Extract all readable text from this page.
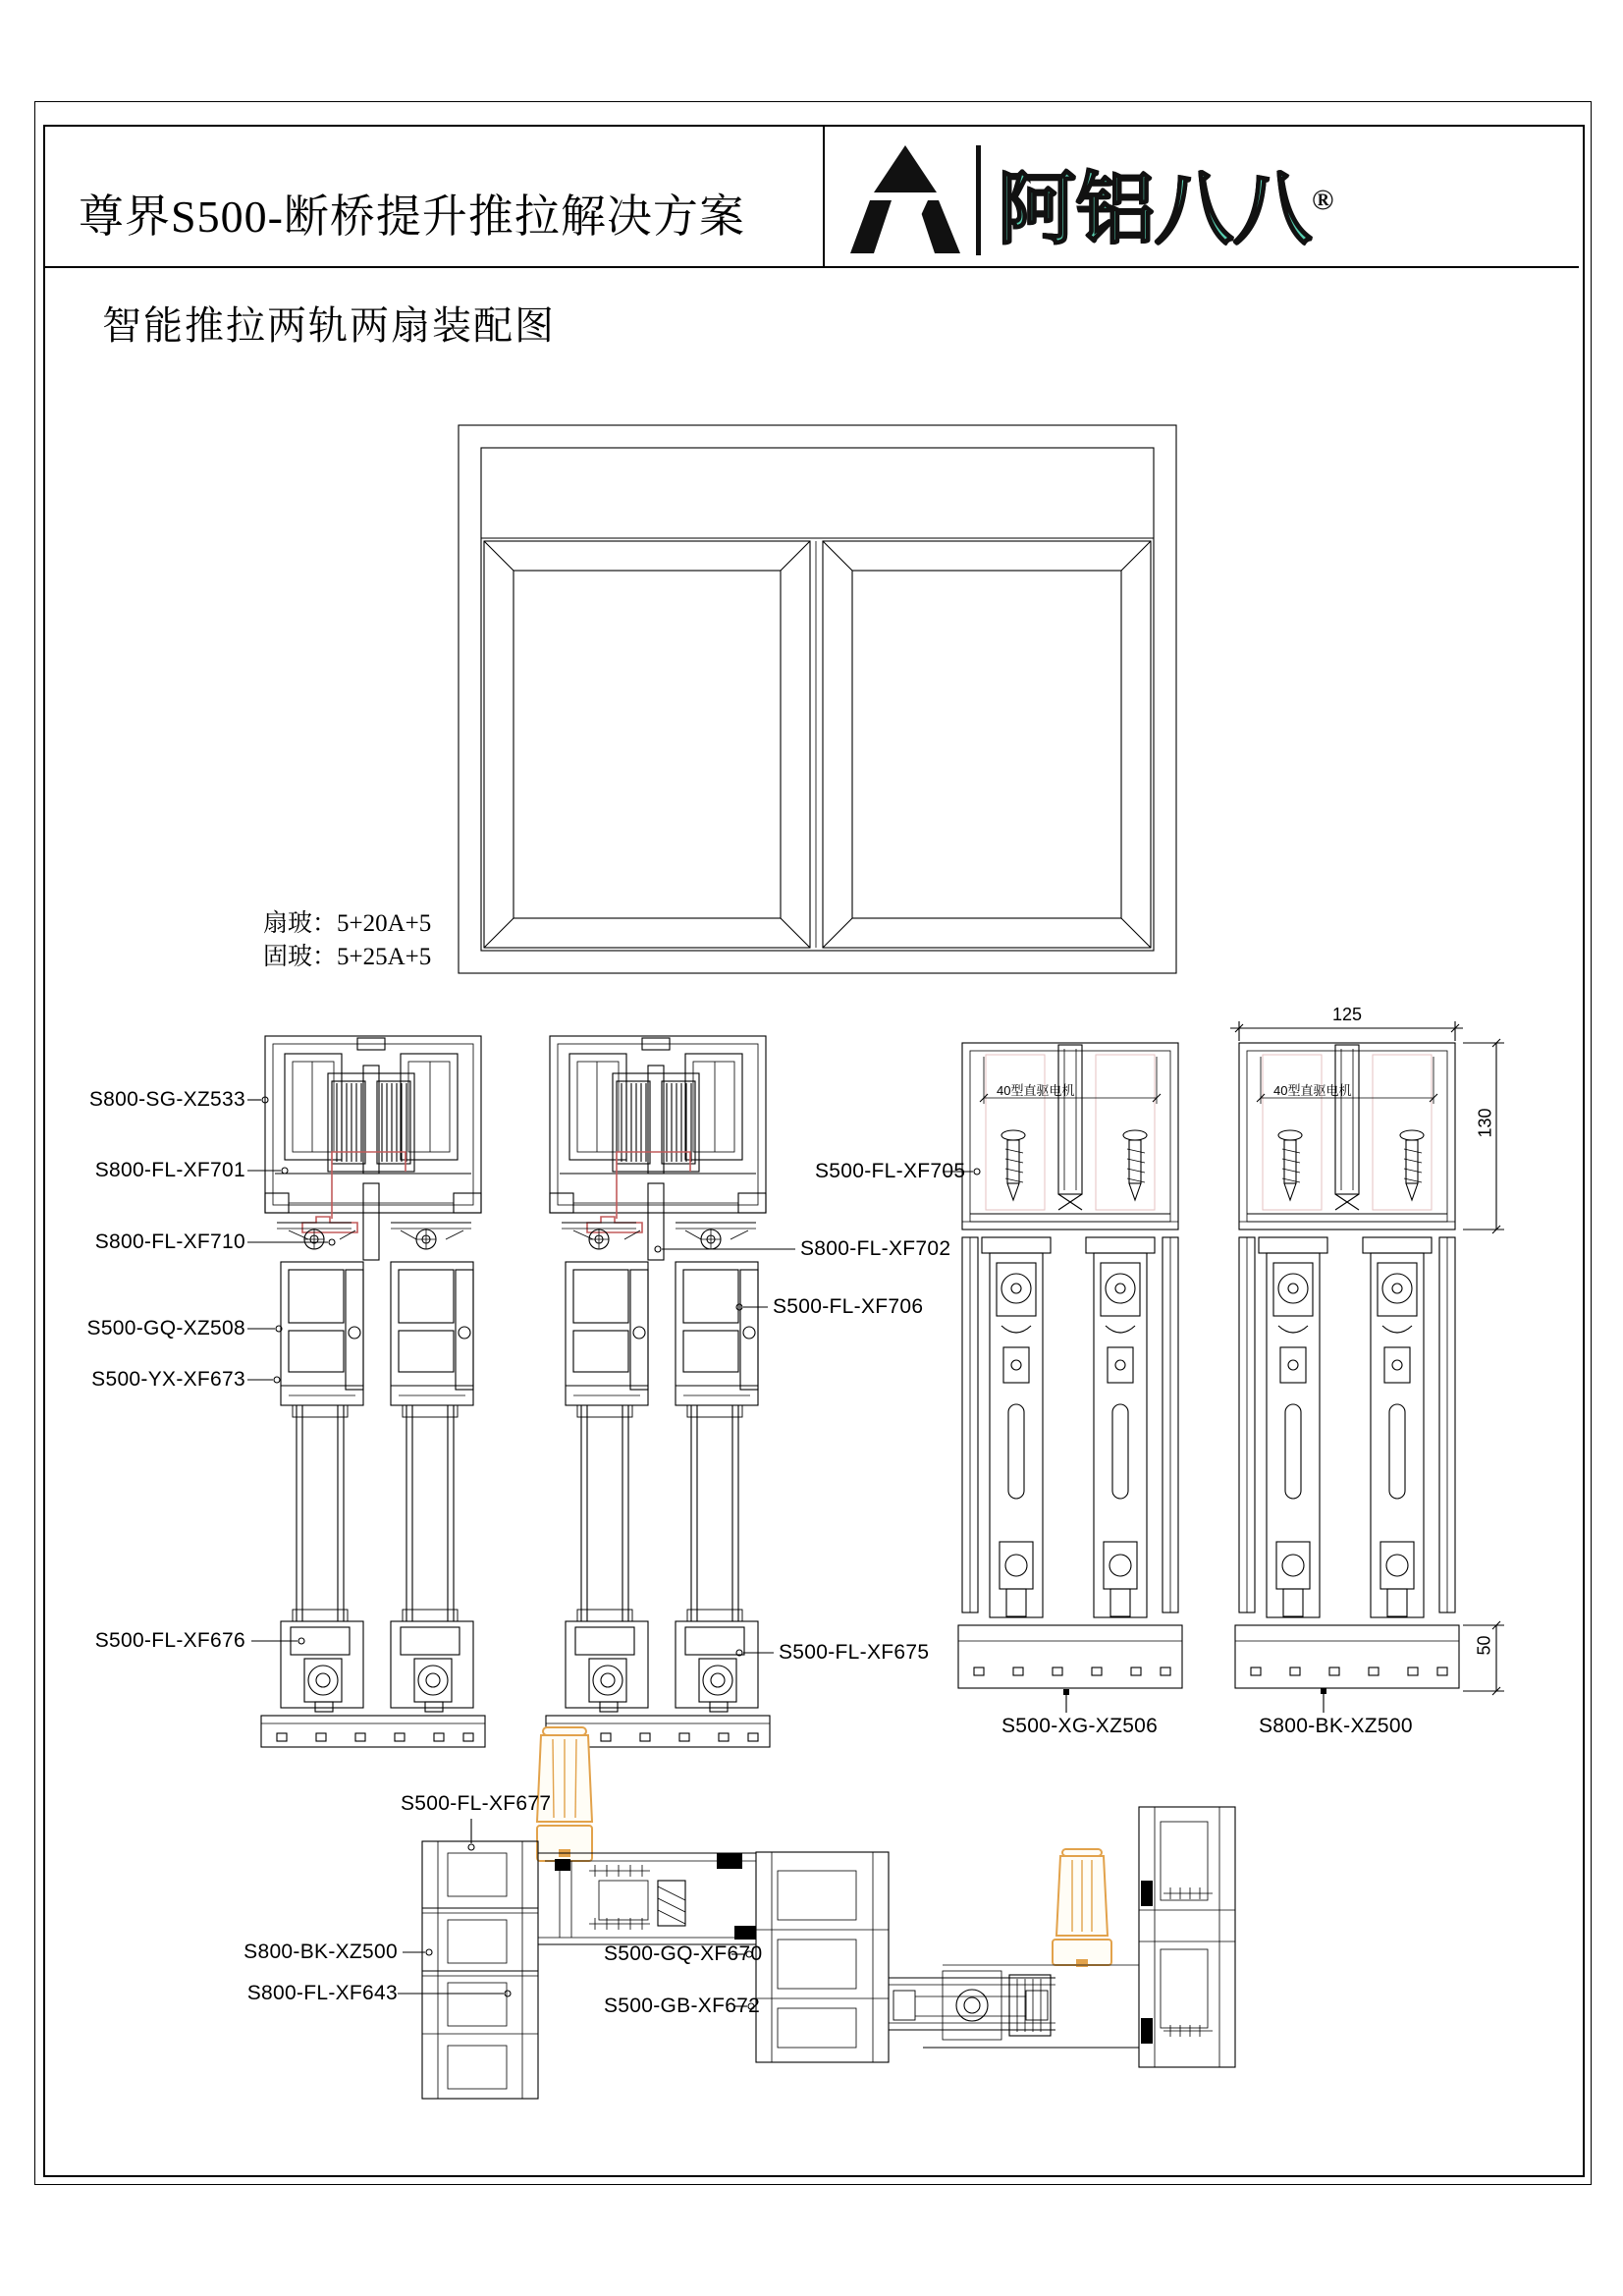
尊界S500-断桥提升推拉解决方案	阿铝八八®
智能推拉两轨两扇装配图
扇玻：5+20A+5
固玻：5+25A+5
S800-SG-XZ533
S800-FL-XF701
S800-FL-XF710
S500-GQ-XZ508
S500-YX-XF673
S500-FL-XF676
S500-FL-XF705
S800-FL-XF702
S500-FL-XF706
S500-FL-XF675
S500-XG-XZ506	S800-BK-XZ500
S500-FL-XF677
S800-BK-XZ500
S800-FL-XF643
S500-GQ-XF670
S500-GB-XF672
125
130
50
40型直驱电机	40型直驱电机
